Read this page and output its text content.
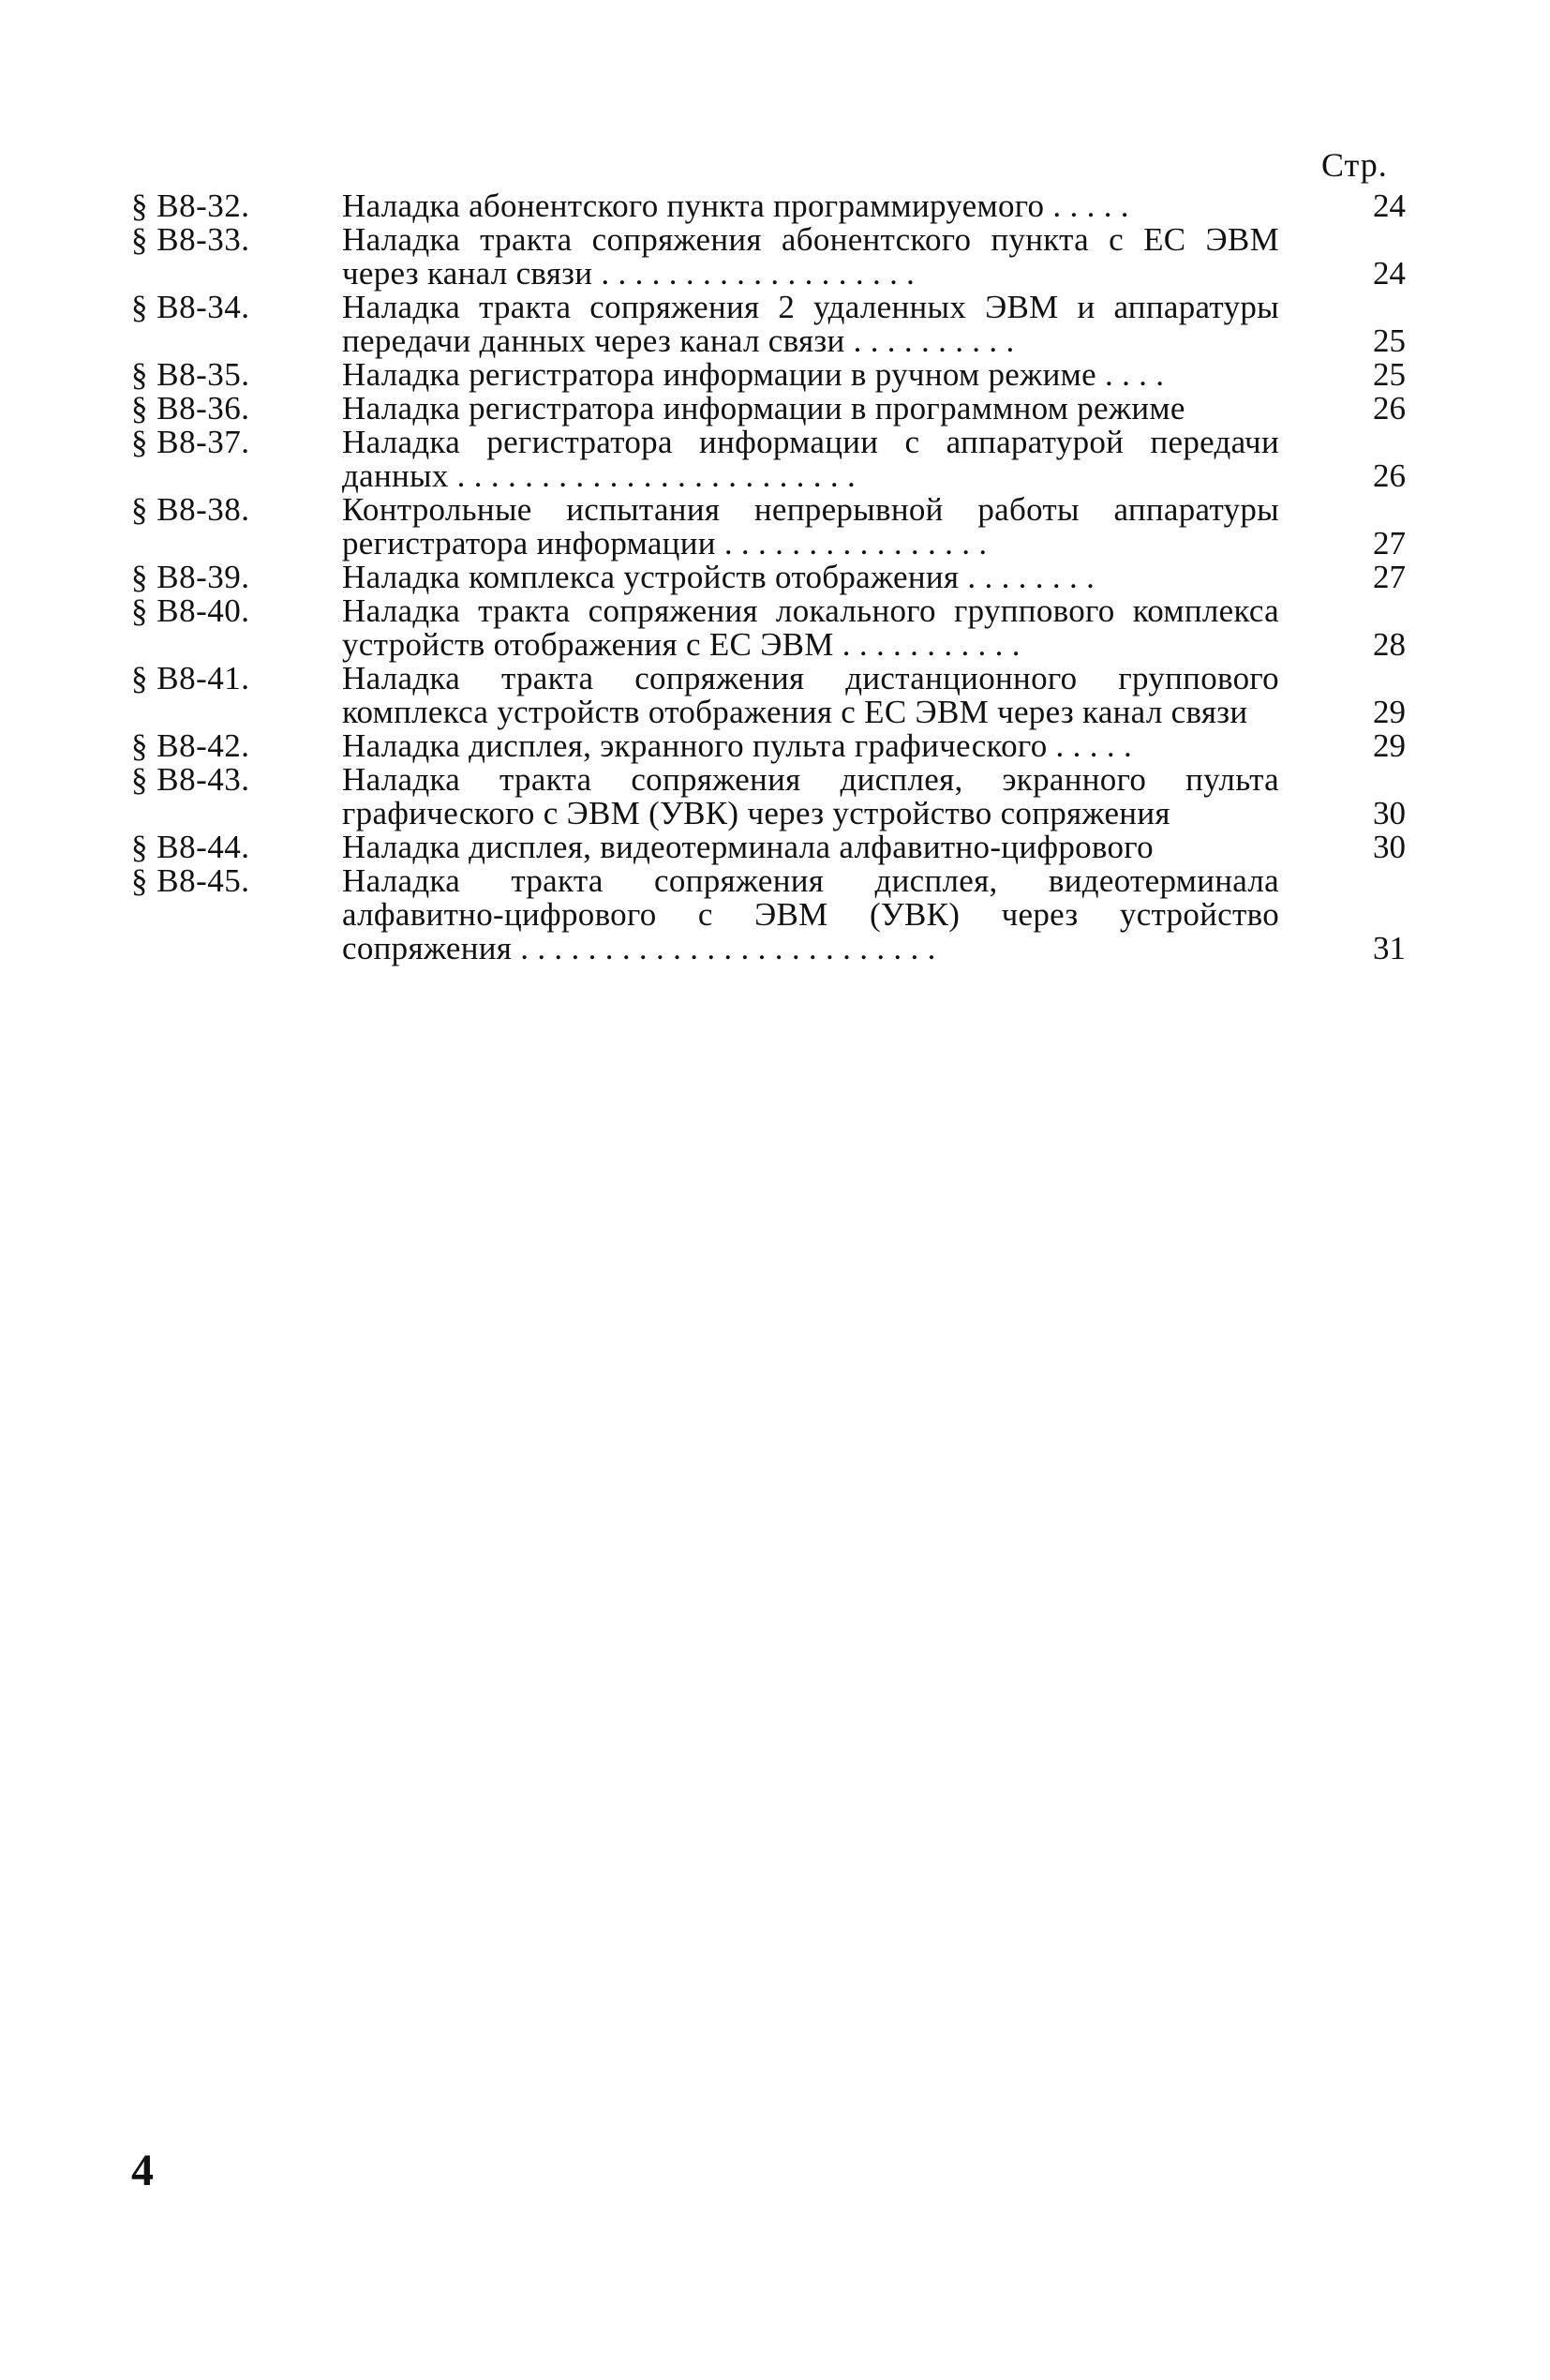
Стр.
§ В8-32.	Наладка абонентского пункта программируемого . . . . .	24
§ В8-33.	Наладка тракта сопряжения абонентского пункта с ЕС ЭВМ через канал связи . . . . . . . . . . . . . . . . . . .	24
§ В8-34.	Наладка тракта сопряжения 2 удаленных ЭВМ и аппаратуры передачи данных через канал связи . . . . . . . . . .	25
§ В8-35.	Наладка регистратора информации в ручном режиме . . . .	25
§ В8-36.	Наладка регистратора информации в программном режиме	26
§ В8-37.	Наладка регистратора информации с аппаратурой передачи данных . . . . . . . . . . . . . . . . . . . . . . . .	26
§ В8-38.	Контрольные испытания непрерывной работы аппаратуры регистратора информации . . . . . . . . . . . . . . . .	27
§ В8-39.	Наладка комплекса устройств отображения . . . . . . . .	27
§ В8-40.	Наладка тракта сопряжения локального группового комплекса устройств отображения с ЕС ЭВМ . . . . . . . . . . .	28
§ В8-41.	Наладка тракта сопряжения дистанционного группового комплекса устройств отображения с ЕС ЭВМ через канал связи	29
§ В8-42.	Наладка дисплея, экранного пульта графического . . . . .	29
§ В8-43.	Наладка тракта сопряжения дисплея, экранного пульта графического с ЭВМ (УВК) через устройство сопряжения	30
§ В8-44.	Наладка дисплея, видеотерминала алфавитно-цифрового	30
§ В8-45.	Наладка тракта сопряжения дисплея, видеотерминала алфавитно-цифрового с ЭВМ (УВК) через устройство сопряжения . . . . . . . . . . . . . . . . . . . . . . . . .	31
4
